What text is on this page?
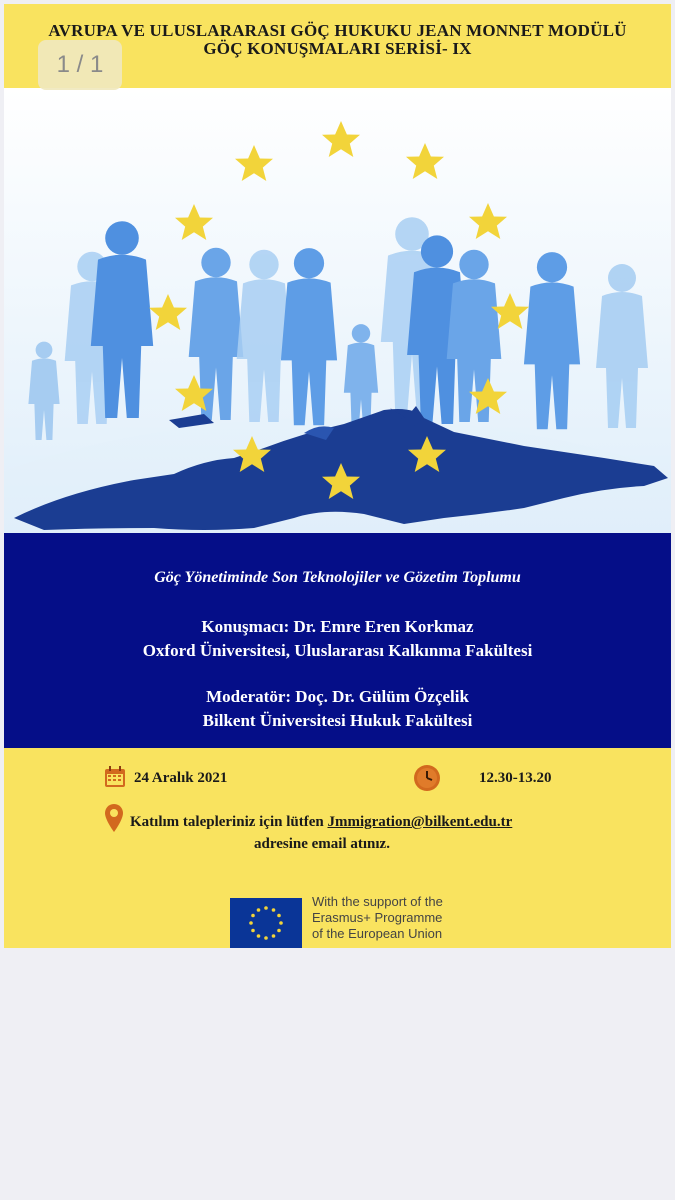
1 / 1
AVRUPA VE ULUSLARARASI GÖÇ HUKUKU JEAN MONNET MODÜLÜ
GÖÇ KONUŞMALARI SERİSİ- IX
Göç Yönetiminde Son Teknolojiler ve Gözetim Toplumu
Konuşmacı: Dr. Emre Eren Korkmaz
Oxford Üniversitesi, Uluslararası Kalkınma Fakültesi
Moderatör: Doç. Dr. Gülüm Özçelik
Bilkent Üniversitesi Hukuk Fakültesi
24 Aralık 2021	12.30-13.20
Katılım talepleriniz için lütfen Jmmigration@bilkent.edu.tr
adresine email atınız.
With the support of the
Erasmus+ Programme
of the European Union
